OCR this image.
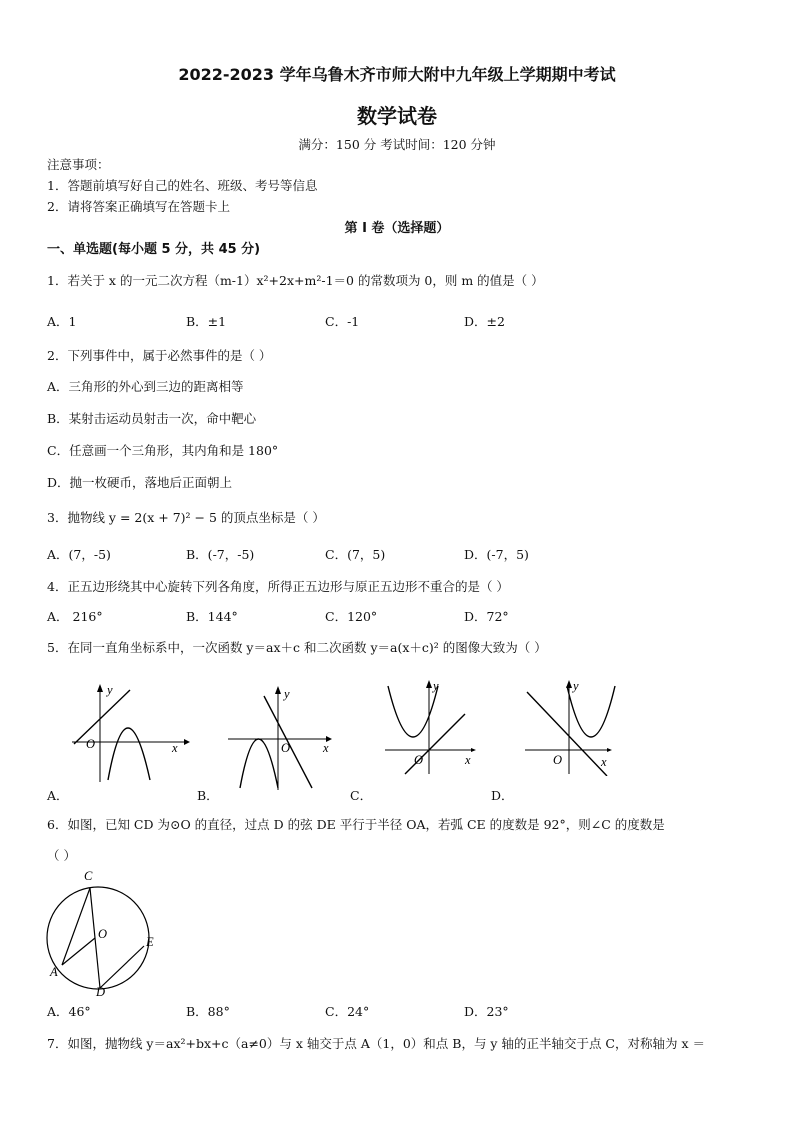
2022-2023 学年乌鲁木齐市师大附中九年级上学期期中考试
数学试卷
满分：150 分 考试时间：120 分钟
注意事项：
1．答题前填写好自己的姓名、班级、考号等信息
2．请将答案正确填写在答题卡上
第 I 卷（选择题）
一、单选题(每小题 5 分，共 45 分)
1．若关于 x 的一元二次方程（m-1）x²+2x+m²-1＝0 的常数项为 0，则 m 的值是（ ）
A．1	B．±1	C．-1	D．±2
2．下列事件中，属于必然事件的是（ ）
A．三角形的外心到三边的距离相等
B．某射击运动员射击一次，命中靶心
C．任意画一个三角形，其内角和是 180°
D．抛一枚硬币，落地后正面朝上
3．抛物线 y = 2(x + 7)² − 5 的顶点坐标是（ ）
A．(7，-5)	B．(-7，-5)	C．(7，5)	D．(-7，5)
4．正五边形绕其中心旋转下列各角度，所得正五边形与原正五边形不重合的是（ ）
A． 216°	B．144°	C．120°	D．72°
5．在同一直角坐标系中，一次函数 y＝ax＋c 和二次函数 y＝a(x＋c)² 的图像大致为（ ）
y
O	x
y
O	x
y
O	x
y
O	x
A．	B．	C．	D．
6．如图，已知 CD 为⊙O 的直径，过点 D 的弦 DE 平行于半径 OA，若弧 CE 的度数是 92°，则∠C 的度数是
（ ）
C
O
E
A
D
A．46°	B．88°	C．24°	D．23°
7．如图，抛物线 y＝ax²+bx+c（a≠0）与 x 轴交于点 A（1，0）和点 B，与 y 轴的正半轴交于点 C，对称轴为 x ＝
